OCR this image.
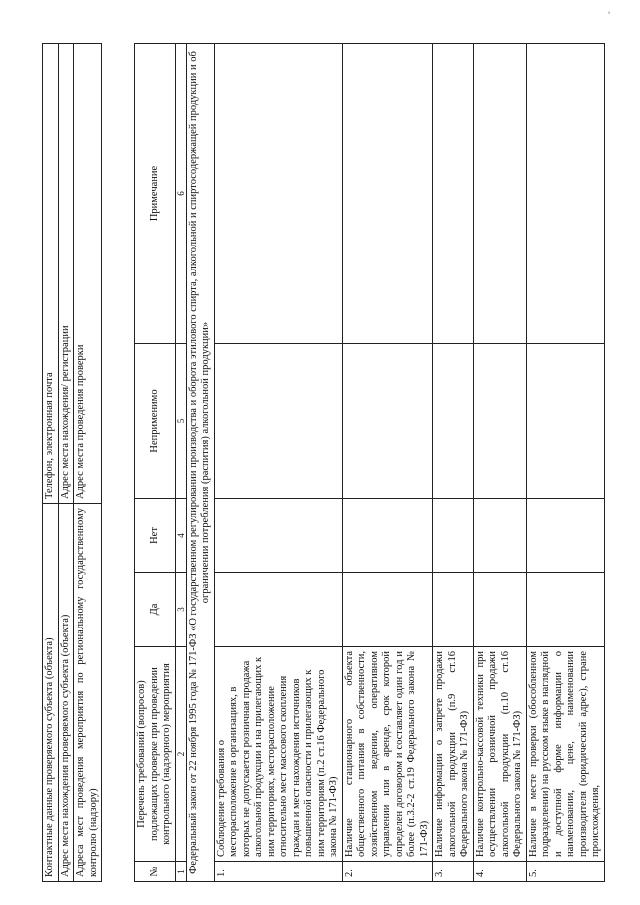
'
Контактные данные проверяемого субъекта (объекта)	Телефон, электронная почта
Адрес места нахождения проверяемого субъекта (объекта)	Адрес места нахождения/ регистрации
Адреса мест проведения мероприятия по региональному государственному контролю (надзору)	Адрес места проведения проверки
№	Перечень требований (вопросов) подлежащих проверке при проведении контрольного (надзорного) мероприятия	Да	Нет	Неприменимо	Примечание
1	2	3	4	5	6
Федеральный закон от 22 ноября 1995 года № 171-ФЗ «О государственном регулировании производства и оборота этилового спирта, алкогольной и спиртосодержащей продукции и об ограничении потребления (распития) алкогольной продукции»					
1.	Соблюдение требования о месторасположение в организациях, в которых не допускается розничная продажа алкогольной продукции и на прилегающих к ним территориях, месторасположение относительно мест массового скопления граждан и мест нахождения источников повышенной опасности и прилегающих к ним территориям (п.2 ст.16 Федерального закона № 171-ФЗ)				
2.	Наличие стационарного объекта общественного питания в собственности, хозяйственном ведении, оперативном управлении или в аренде, срок которой определен договором и составляет один год и более (п.3.2-2 ст.19 Федерального закона № 171-ФЗ)				
3.	Наличие информации о запрете продажи алкогольной продукции (п.9 ст.16 Федерального закона № 171-ФЗ)				
4.	Наличие контрольно-кассовой техники при осуществлении розничной продажи алкогольной продукции (п.10 ст.16 Федерального закона № 171-ФЗ)				
5.	Наличие в месте проверки (обособленном подразделении) на русском языке в наглядной и доступной форме информации о наименовании, цене, наименовании производителя (юридический адрес), стране происхождения,				
